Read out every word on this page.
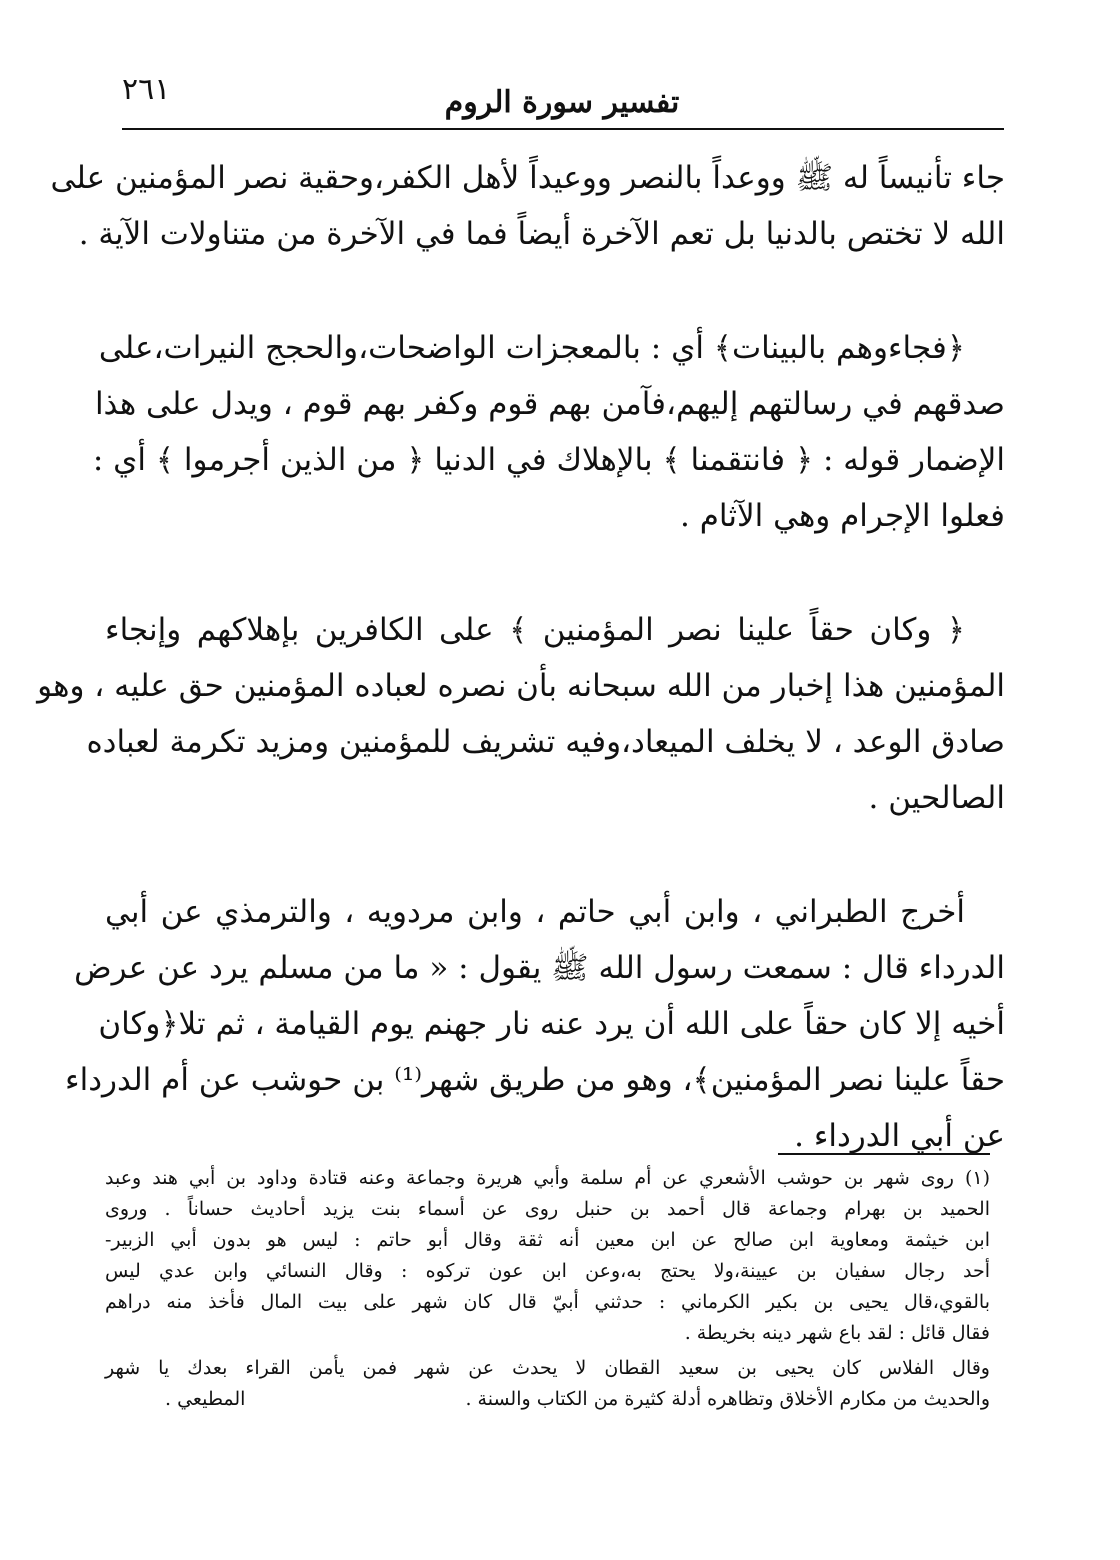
٢٦١	تفسير سورة الروم
جاء تأنيساً له ﷺ ووعداً بالنصر ووعيداً لأهل الكفر،وحقية نصر المؤمنين على
الله لا تختص بالدنيا بل تعم الآخرة أيضاً فما في الآخرة من متناولات الآية .
﴿فجاءوهم بالبينات﴾ أي : بالمعجزات الواضحات،والحجج النيرات،على
صدقهم في رسالتهم إليهم،فآمن بهم قوم وكفر بهم قوم ، ويدل على هذا
الإضمار قوله : ﴿ فانتقمنا ﴾ بالإهلاك في الدنيا ﴿ من الذين أجرموا ﴾ أي :
فعلوا الإجرام وهي الآثام .
﴿ وكان حقاً علينا نصر المؤمنين ﴾ على الكافرين بإهلاكهم وإنجاء
المؤمنين هذا إخبار من الله سبحانه بأن نصره لعباده المؤمنين حق عليه ، وهو
صادق الوعد ، لا يخلف الميعاد،وفيه تشريف للمؤمنين ومزيد تكرمة لعباده
الصالحين .
أخرج الطبراني ، وابن أبي حاتم ، وابن مردويه ، والترمذي عن أبي
الدرداء قال : سمعت رسول الله ﷺ يقول : « ما من مسلم يرد عن عرض
أخيه إلا كان حقاً على الله أن يرد عنه نار جهنم يوم القيامة ، ثم تلا﴿وكان
حقاً علينا نصر المؤمنين﴾، وهو من طريق شهر⁽¹⁾ بن حوشب عن أم الدرداء
عن أبي الدرداء .
(١) روى شهر بن حوشب الأشعري عن أم سلمة وأبي هريرة وجماعة وعنه قتادة وداود بن أبي هند وعبد
الحميد بن بهرام وجماعة قال أحمد بن حنبل روى عن أسماء بنت يزيد أحاديث حساناً . وروى
ابن خيثمة ومعاوية ابن صالح عن ابن معين أنه ثقة وقال أبو حاتم : ليس هو بدون أبي الزبير-
أحد رجال سفيان بن عيينة،ولا يحتج به،وعن ابن عون تركوه : وقال النسائي وابن عدي ليس
بالقوي،قال يحيى بن بكير الكرماني : حدثني أبيّ قال كان شهر على بيت المال فأخذ منه دراهم
فقال قائل : لقد باع شهر دينه بخريطة .
وقال الفلاس كان يحيى بن سعيد القطان لا يحدث عن شهر فمن يأمن القراء بعدك يا شهر
والحديث من مكارم الأخلاق وتظاهره أدلة كثيرة من الكتاب والسنة .
المطيعي .
